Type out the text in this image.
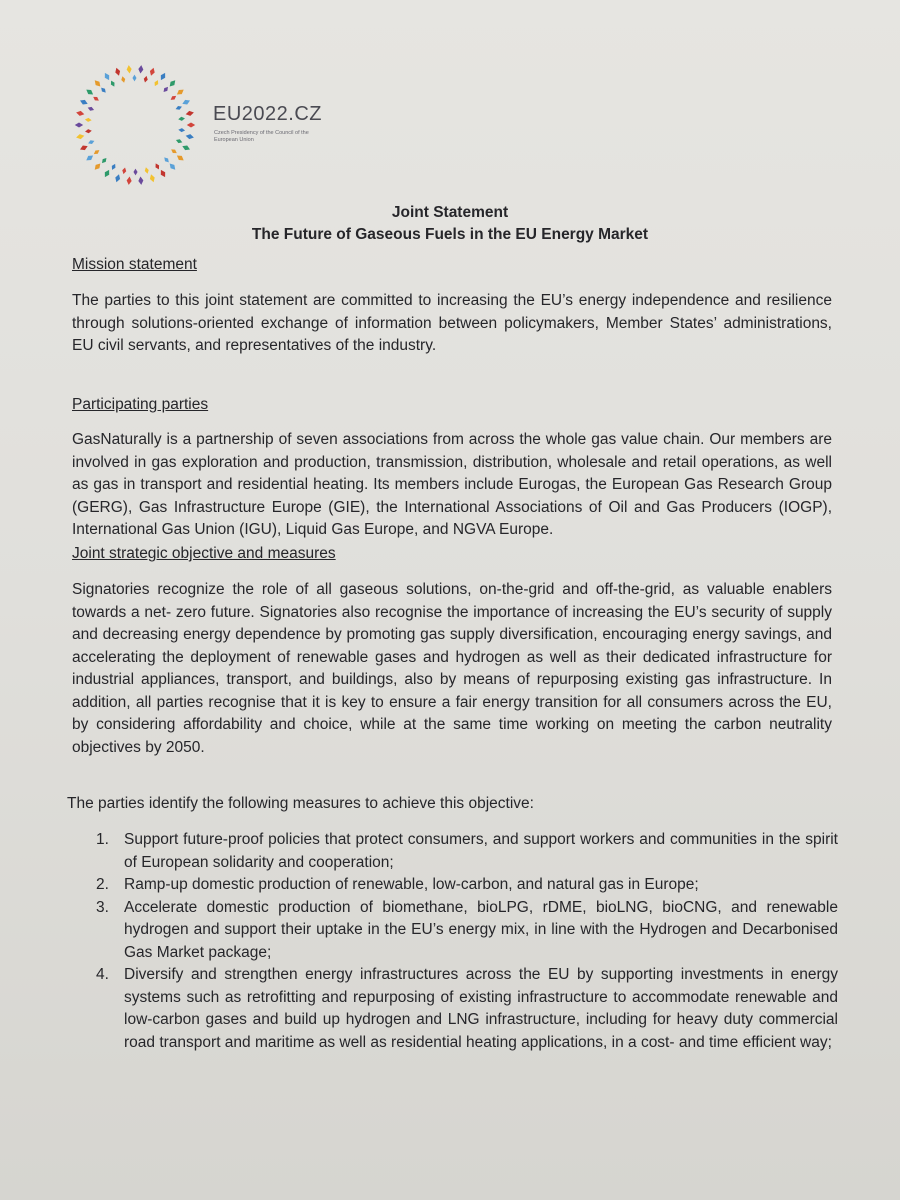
EU2022.CZ
Czech Presidency of the Council of the European Union
Joint Statement
The Future of Gaseous Fuels in the EU Energy Market
Mission statement
The parties to this joint statement are committed to increasing the EU’s energy independence and resilience through solutions-oriented exchange of information between policymakers, Member States’ administrations, EU civil servants, and representatives of the industry.
Participating parties
GasNaturally is a partnership of seven associations from across the whole gas value chain. Our members are involved in gas exploration and production, transmission, distribution, wholesale and retail operations, as well as gas in transport and residential heating. Its members include Eurogas, the European Gas Research Group (GERG), Gas Infrastructure Europe (GIE), the International Associations of Oil and Gas Producers (IOGP), International Gas Union (IGU), Liquid Gas Europe, and NGVA Europe.
Joint strategic objective and measures
Signatories recognize the role of all gaseous solutions, on-the-grid and off-the-grid, as valuable enablers towards a net- zero future. Signatories also recognise the importance of increasing the EU’s security of supply and decreasing energy dependence by promoting gas supply diversification, encouraging energy savings, and accelerating the deployment of renewable gases and hydrogen as well as their dedicated infrastructure for industrial appliances, transport, and buildings, also by means of repurposing existing gas infrastructure. In addition, all parties recognise that it is key to ensure a fair energy transition for all consumers across the EU, by considering affordability and choice, while at the same time working on meeting the carbon neutrality objectives by 2050.
The parties identify the following measures to achieve this objective:
1. Support future-proof policies that protect consumers, and support workers and communities in the spirit of European solidarity and cooperation;
2. Ramp-up domestic production of renewable, low-carbon, and natural gas in Europe;
3. Accelerate domestic production of biomethane, bioLPG, rDME, bioLNG, bioCNG, and renewable hydrogen and support their uptake in the EU’s energy mix, in line with the Hydrogen and Decarbonised Gas Market package;
4. Diversify and strengthen energy infrastructures across the EU by supporting investments in energy systems such as retrofitting and repurposing of existing infrastructure to accommodate renewable and low-carbon gases and build up hydrogen and LNG infrastructure, including for heavy duty commercial road transport and maritime as well as residential heating applications, in a cost- and time efficient way;
